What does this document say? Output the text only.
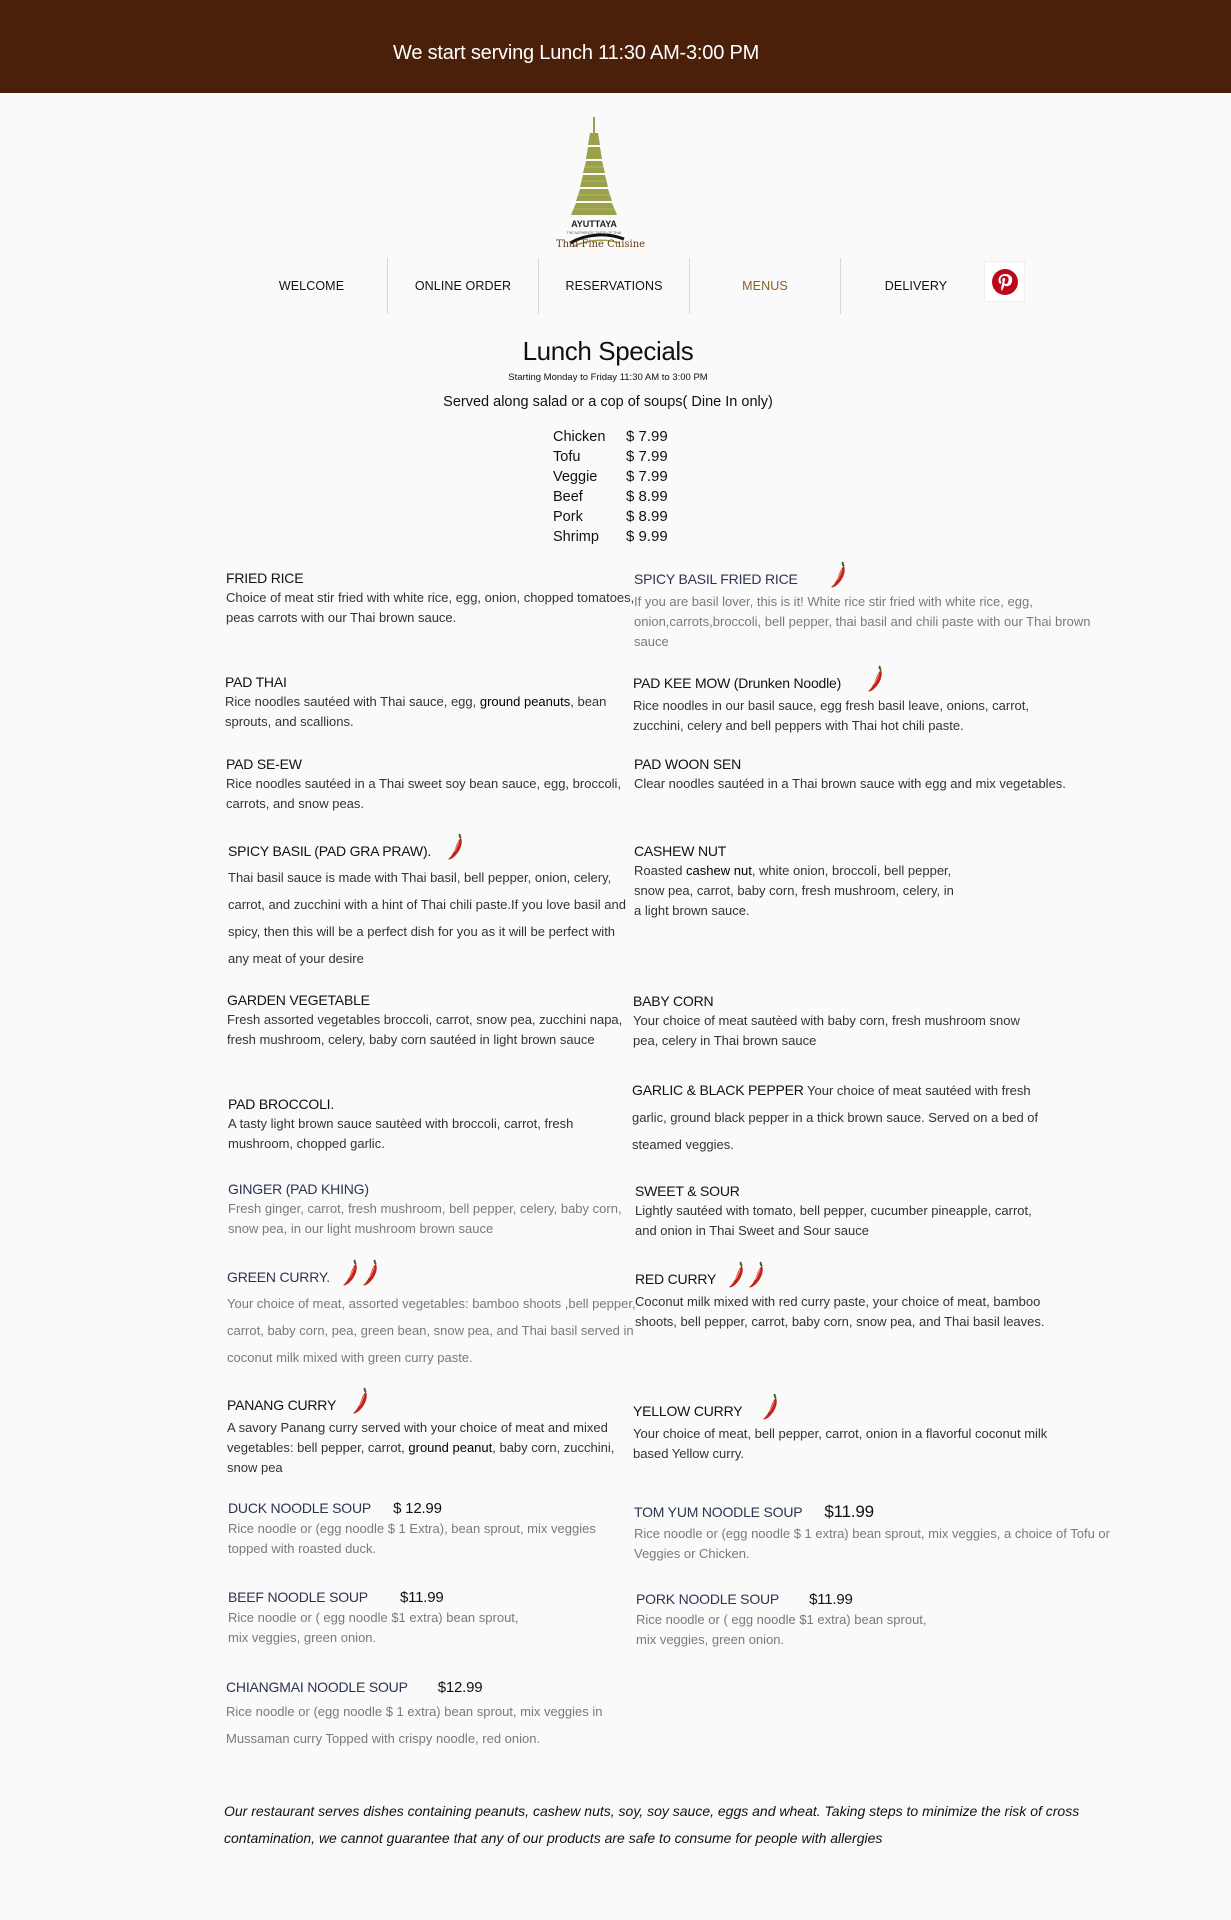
We start serving Lunch 11:30 AM-3:00 PM
AYUTTAYA
THE AUTHENTIC TASTE OF THAI
Thai Fine Cuisine
WELCOME	ONLINE ORDER	RESERVATIONS	MENUS	DELIVERY
Lunch Specials
Starting Monday to Friday 11:30 AM to 3:00 PM
Served along salad or a cop of soups( Dine In only)
Chicken	$ 7.99
Tofu	$ 7.99
Veggie	$ 7.99
Beef	$ 8.99
Pork	$ 8.99
Shrimp	$ 9.99
FRIED RICE
Choice of meat stir fried with white rice, egg, onion, chopped tomatoes, peas carrots with our Thai brown sauce.
PAD THAI
Rice noodles sautéed with Thai sauce, egg, ground peanuts, bean sprouts, and scallions.
PAD SE-EW
Rice noodles sautéed in a Thai sweet soy bean sauce, egg, broccoli, carrots, and snow peas.
SPICY BASIL (PAD GRA PRAW).
Thai basil sauce is made with Thai basil, bell pepper, onion, celery, carrot, and zucchini with a hint of Thai chili paste.If you love basil and spicy, then this will be a perfect dish for you as it will be perfect with any meat of your desire
GARDEN VEGETABLE
Fresh assorted vegetables broccoli, carrot, snow pea, zucchini napa, fresh mushroom, celery, baby corn sautéed in light brown sauce
PAD BROCCOLI.
A tasty light brown sauce sautèed with broccoli, carrot, fresh mushroom, chopped garlic.
GINGER (PAD KHING)
Fresh ginger, carrot, fresh mushroom, bell pepper, celery, baby corn, snow pea, in our light mushroom brown sauce
GREEN CURRY.
Your choice of meat, assorted vegetables: bamboo shoots ,bell pepper, carrot, baby corn, pea, green bean, snow pea, and Thai basil served in coconut milk mixed with green curry paste.
PANANG CURRY
A savory Panang curry served with your choice of meat and mixed vegetables: bell pepper, carrot, ground peanut, baby corn, zucchini, snow pea
DUCK NOODLE SOUP $ 12.99
Rice noodle or (egg noodle $ 1 Extra), bean sprout, mix veggies topped with roasted duck.
BEEF NOODLE SOUP $11.99
Rice noodle or ( egg noodle $1 extra) bean sprout, mix veggies, green onion.
CHIANGMAI NOODLE SOUP $12.99
Rice noodle or (egg noodle $ 1 extra) bean sprout, mix veggies in Mussaman curry Topped with crispy noodle, red onion.
SPICY BASIL FRIED RICE
If you are basil lover, this is it! White rice stir fried with white rice, egg, onion,carrots,broccoli, bell pepper, thai basil and chili paste with our Thai brown sauce
PAD KEE MOW (Drunken Noodle)
Rice noodles in our basil sauce, egg fresh basil leave, onions, carrot, zucchini, celery and bell peppers with Thai hot chili paste.
PAD WOON SEN
Clear noodles sautéed in a Thai brown sauce with egg and mix vegetables.
CASHEW NUT
Roasted cashew nut, white onion, broccoli, bell pepper, snow pea, carrot, baby corn, fresh mushroom, celery, in a light brown sauce.
BABY CORN
Your choice of meat sautèed with baby corn, fresh mushroom snow pea, celery in Thai brown sauce
GARLIC & BLACK PEPPER Your choice of meat sautéed with fresh garlic, ground black pepper in a thick brown sauce. Served on a bed of steamed veggies.
SWEET & SOUR
Lightly sautéed with tomato, bell pepper, cucumber pineapple, carrot, and onion in Thai Sweet and Sour sauce
RED CURRY
Coconut milk mixed with red curry paste, your choice of meat, bamboo shoots, bell pepper, carrot, baby corn, snow pea, and Thai basil leaves.
YELLOW CURRY
Your choice of meat, bell pepper, carrot, onion in a flavorful coconut milk based Yellow curry.
TOM YUM NOODLE SOUP $11.99
Rice noodle or (egg noodle $ 1 extra) bean sprout, mix veggies, a choice of Tofu or Veggies or Chicken.
PORK NOODLE SOUP $11.99
Rice noodle or ( egg noodle $1 extra) bean sprout, mix veggies, green onion.
Our restaurant serves dishes containing peanuts, cashew nuts, soy, soy sauce, eggs and wheat. Taking steps to minimize the risk of cross contamination, we cannot guarantee that any of our products are safe to consume for people with allergies
